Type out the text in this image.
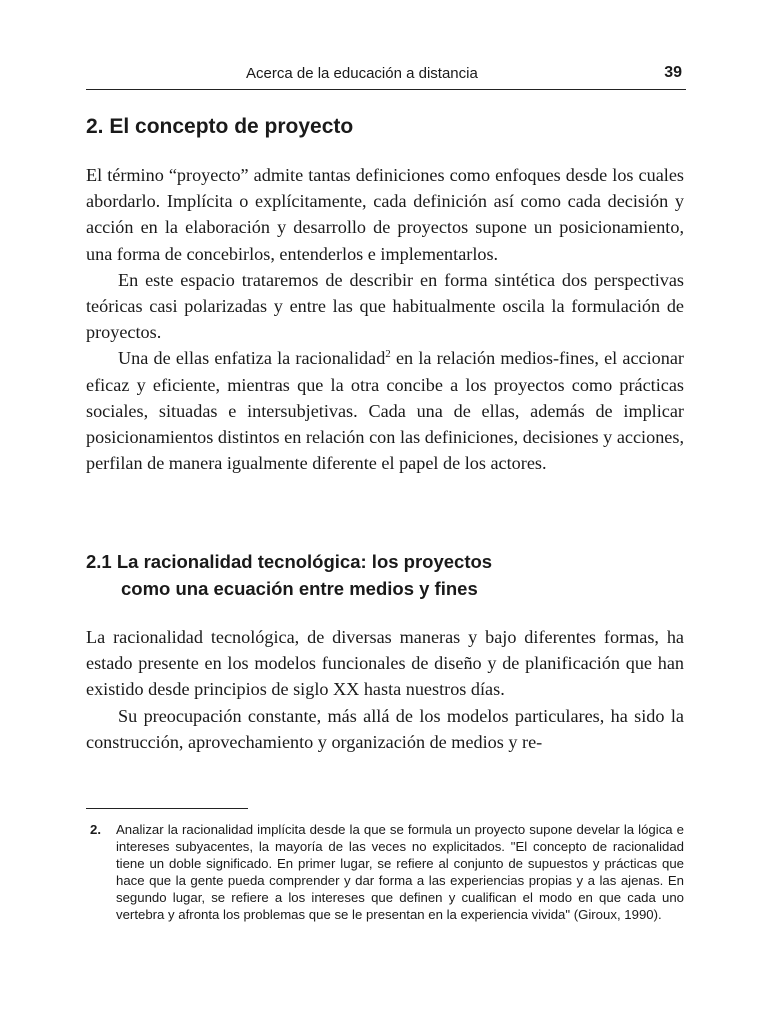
Acerca de la educación a distancia	39
2. El concepto de proyecto

El término “proyecto” admite tantas definiciones como enfoques desde los cuales abordarlo. Implícita o explícitamente, cada definición así como cada decisión y acción en la elaboración y desarrollo de proyectos supone un posicionamiento, una forma de concebirlos, entenderlos e implementarlos.

En este espacio trataremos de describir en forma sintética dos perspectivas teóricas casi polarizadas y entre las que habitualmente oscila la formulación de proyectos.

Una de ellas enfatiza la racionalidad$^2$ en la relación medios-fines, el accionar eficaz y eficiente, mientras que la otra concibe a los proyectos como prácticas sociales, situadas e intersubjetivas. Cada una de ellas, además de implicar posicionamientos distintos en relación con las definiciones, decisiones y acciones, perfilan de manera igualmente diferente el papel de los actores.

2.1 La racionalidad tecnológica: los proyectos
como una ecuación entre medios y fines

La racionalidad tecnológica, de diversas maneras y bajo diferentes formas, ha estado presente en los modelos funcionales de diseño y de planificación que han existido desde principios de siglo XX hasta nuestros días.

Su preocupación constante, más allá de los modelos particulares, ha sido la construcción, aprovechamiento y organización de medios y re-

2. Analizar la racionalidad implícita desde la que se formula un proyecto supone develar la lógica e intereses subyacentes, la mayoría de las veces no explicitados. "El concepto de racionalidad tiene un doble significado. En primer lugar, se refiere al conjunto de supuestos y prácticas que hace que la gente pueda comprender y dar forma a las experiencias propias y a las ajenas. En segundo lugar, se refiere a los intereses que definen y cualifican el modo en que cada uno vertebra y afronta los problemas que se le presentan en la experiencia vivida" (Giroux, 1990).
